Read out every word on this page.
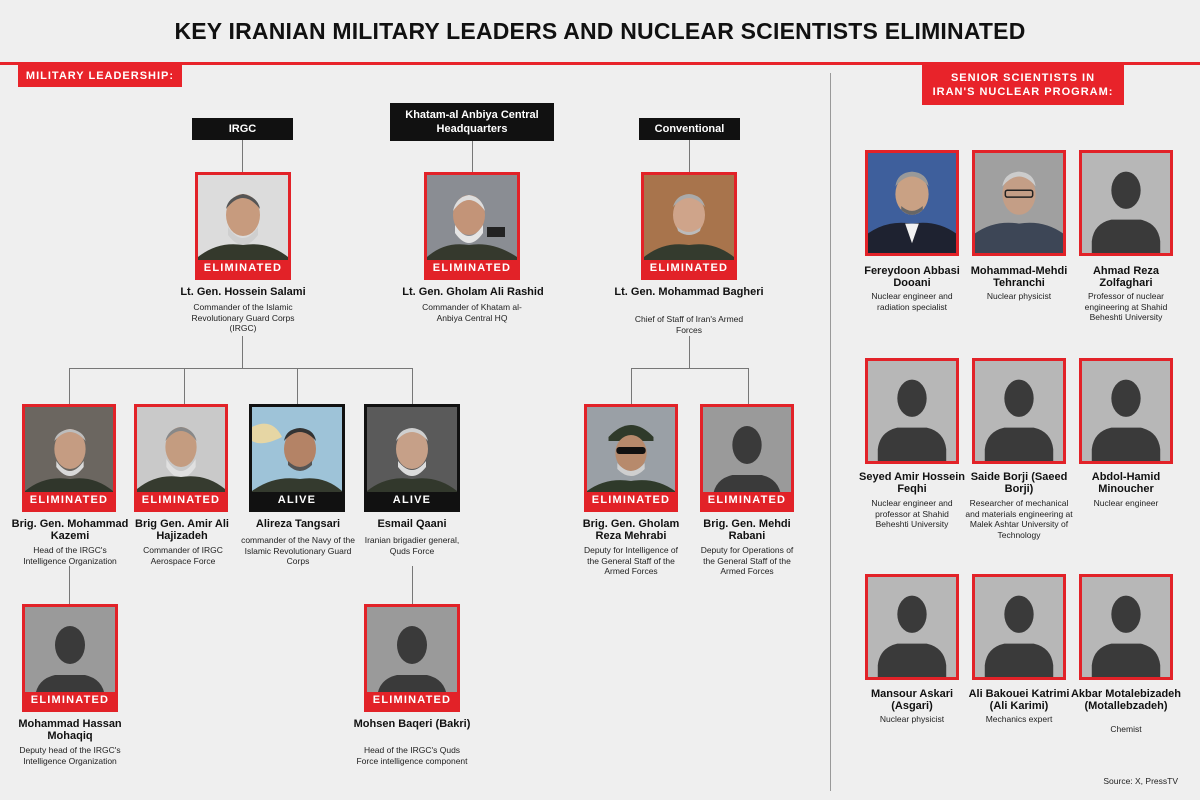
KEY IRANIAN MILITARY LEADERS AND NUCLEAR SCIENTISTS ELIMINATED
MILITARY LEADERSHIP:	SENIOR SCIENTISTS IN IRAN'S NUCLEAR PROGRAM:
IRGC
Khatam-al Anbiya Central Headquarters	Conventional
ELIMINATED
Lt. Gen. Hossein Salami
Commander of the Islamic Revolutionary Guard Corps (IRGC)
ELIMINATED
Lt. Gen. Gholam Ali Rashid
Commander of Khatam al-Anbiya Central HQ
ELIMINATED
Lt. Gen. Mohammad Bagheri
Chief of Staff of Iran's Armed Forces
ELIMINATED
Brig. Gen. Mohammad Kazemi
Head of the IRGC's Intelligence Organization
ELIMINATED
Brig Gen. Amir Ali Hajizadeh
Commander of IRGC Aerospace Force
ALIVE
Alireza Tangsari
commander of the Navy of the Islamic Revolutionary Guard Corps
ALIVE
Esmail Qaani
Iranian brigadier general, Quds Force
ELIMINATED
Brig. Gen. Gholam Reza Mehrabi
Deputy for Intelligence of the General Staff of the Armed Forces
ELIMINATED
Brig. Gen. Mehdi Rabani
Deputy for Operations of the General Staff of the Armed Forces
ELIMINATED
Mohammad Hassan Mohaqiq
Deputy head of the IRGC's Intelligence Organization
ELIMINATED
Mohsen Baqeri (Bakri)
Head of the IRGC's Quds Force intelligence component
Fereydoon Abbasi Dooani
Nuclear engineer and radiation specialist
Mohammad-Mehdi Tehranchi
Nuclear physicist
Ahmad Reza Zolfaghari
Professor of nuclear engineering at Shahid Beheshti University
Seyed Amir Hossein Feqhi
Nuclear engineer and professor at Shahid Beheshti University
Saide Borji (Saeed Borji)
Researcher of mechanical and materials engineering at Malek Ashtar University of Technology
Abdol-Hamid Minoucher
Nuclear engineer
Mansour Askari (Asgari)
Nuclear physicist
Ali Bakouei Katrimi (Ali Karimi)
Mechanics expert
Akbar Motalebizadeh (Motallebzadeh)
Chemist
Source: X, PressTV
